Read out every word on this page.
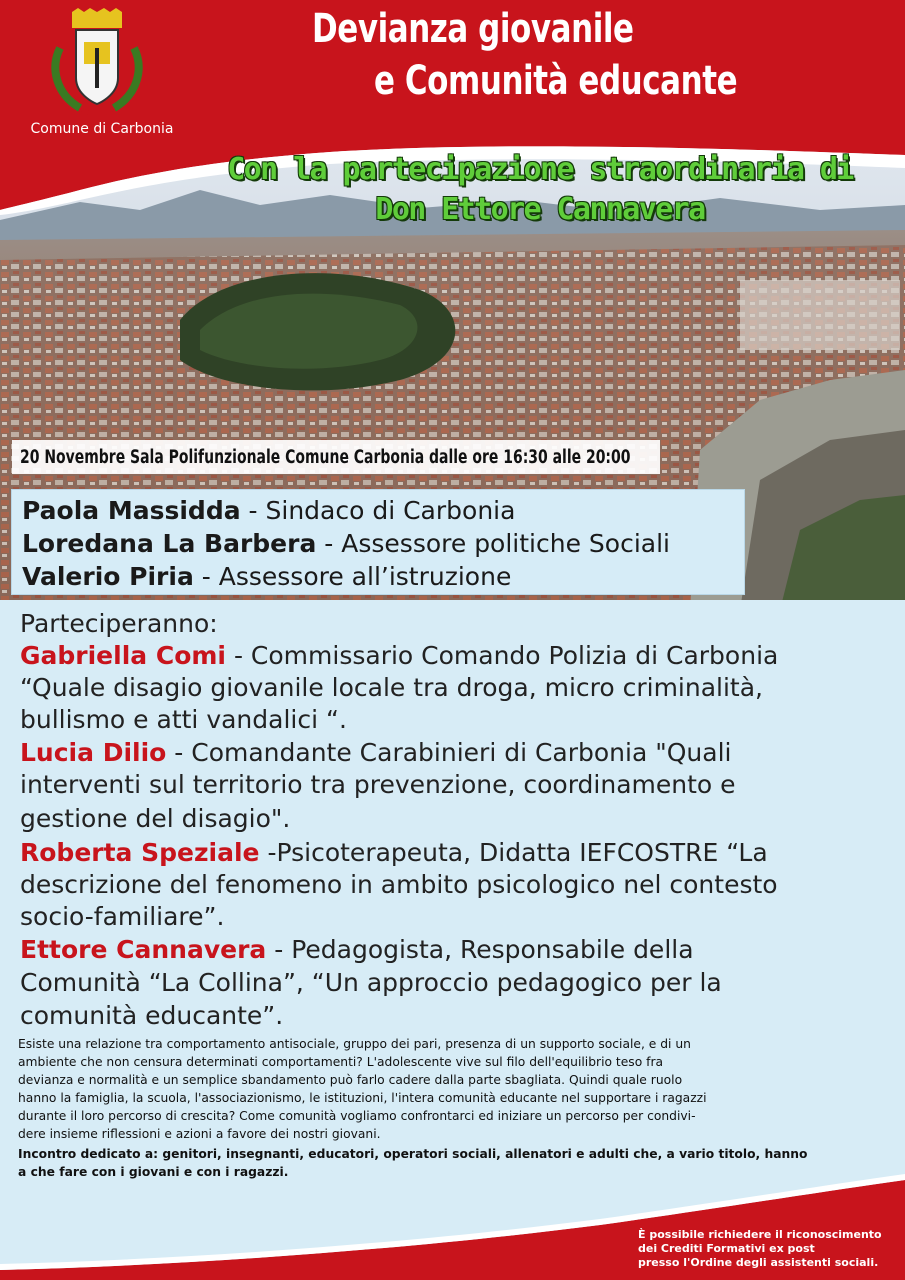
Comune di Carbonia
Devianza giovanile
e Comunità educante
Con la partecipazione straordinaria di
Don Ettore Cannavera
20 Novembre Sala Polifunzionale Comune Carbonia dalle ore 16:30 alle 20:00
Paola Massidda - Sindaco di Carbonia
Loredana La Barbera - Assessore politiche Sociali
Valerio Piria - Assessore all’istruzione
Parteciperanno:
Gabriella Comi - Commissario Comando Polizia di Carbonia
“Quale disagio giovanile locale tra droga, micro criminalità,
bullismo e atti vandalici “.
Lucia Dilio - Comandante Carabinieri di Carbonia "Quali
interventi sul territorio tra prevenzione, coordinamento e
gestione del disagio".
Roberta Speziale -Psicoterapeuta, Didatta IEFCOSTRE “La
descrizione del fenomeno in ambito psicologico nel contesto
socio-familiare”.
Ettore Cannavera - Pedagogista, Responsabile della
Comunità “La Collina”, “Un approccio pedagogico per la
comunità educante”.
Esiste una relazione tra comportamento antisociale, gruppo dei pari, presenza di un supporto sociale, e di un
ambiente che non censura determinati comportamenti? L'adolescente vive sul filo dell'equilibrio teso fra
devianza e normalità e un semplice sbandamento può farlo cadere dalla parte sbagliata. Quindi quale ruolo
hanno la famiglia, la scuola, l'associazionismo, le istituzioni, l'intera comunità educante nel supportare i ragazzi
durante il loro percorso di crescita? Come comunità vogliamo confrontarci ed iniziare un percorso per condivi-
dere insieme riflessioni e azioni a favore dei nostri giovani.
Incontro dedicato a: genitori, insegnanti, educatori, operatori sociali, allenatori e adulti che, a vario titolo, hanno
a che fare con i giovani e con i ragazzi.
È possibile richiedere il riconoscimento
dei Crediti Formativi ex post
presso l'Ordine degli assistenti sociali.
